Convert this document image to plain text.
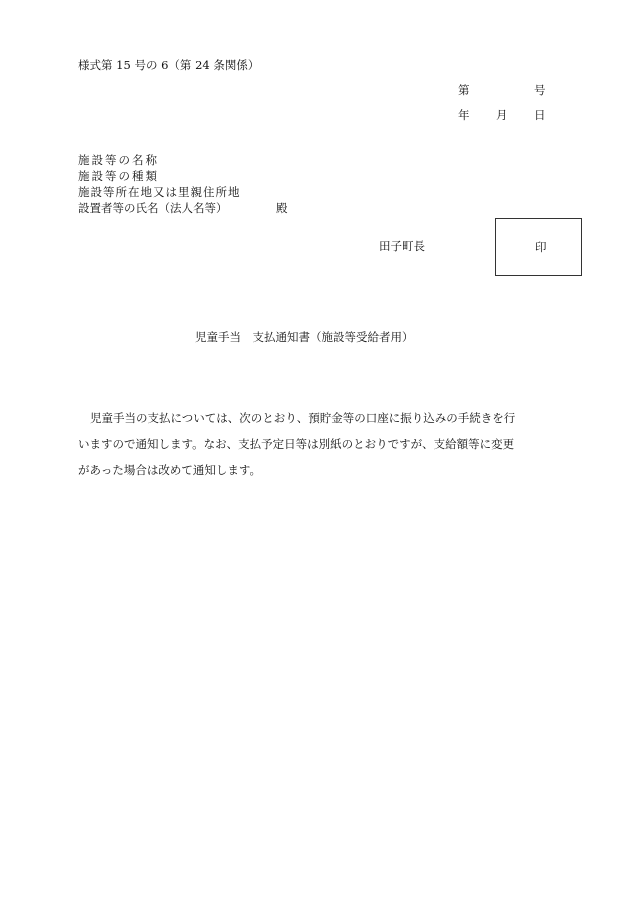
様式第 15 号の 6（第 24 条関係）
第	号
年 月 日
施設等の名称
施設等の種類
施設等所在地又は里親住所地
設置者等の氏名（法人名等）	殿
田子町長	印
児童手当　支払通知書（施設等受給者用）

児童手当の支払については、次のとおり、預貯金等の口座に振り込みの手続きを行

いますので通知します。なお、支払予定日等は別紙のとおりですが、支給額等に変更

があった場合は改めて通知します。
